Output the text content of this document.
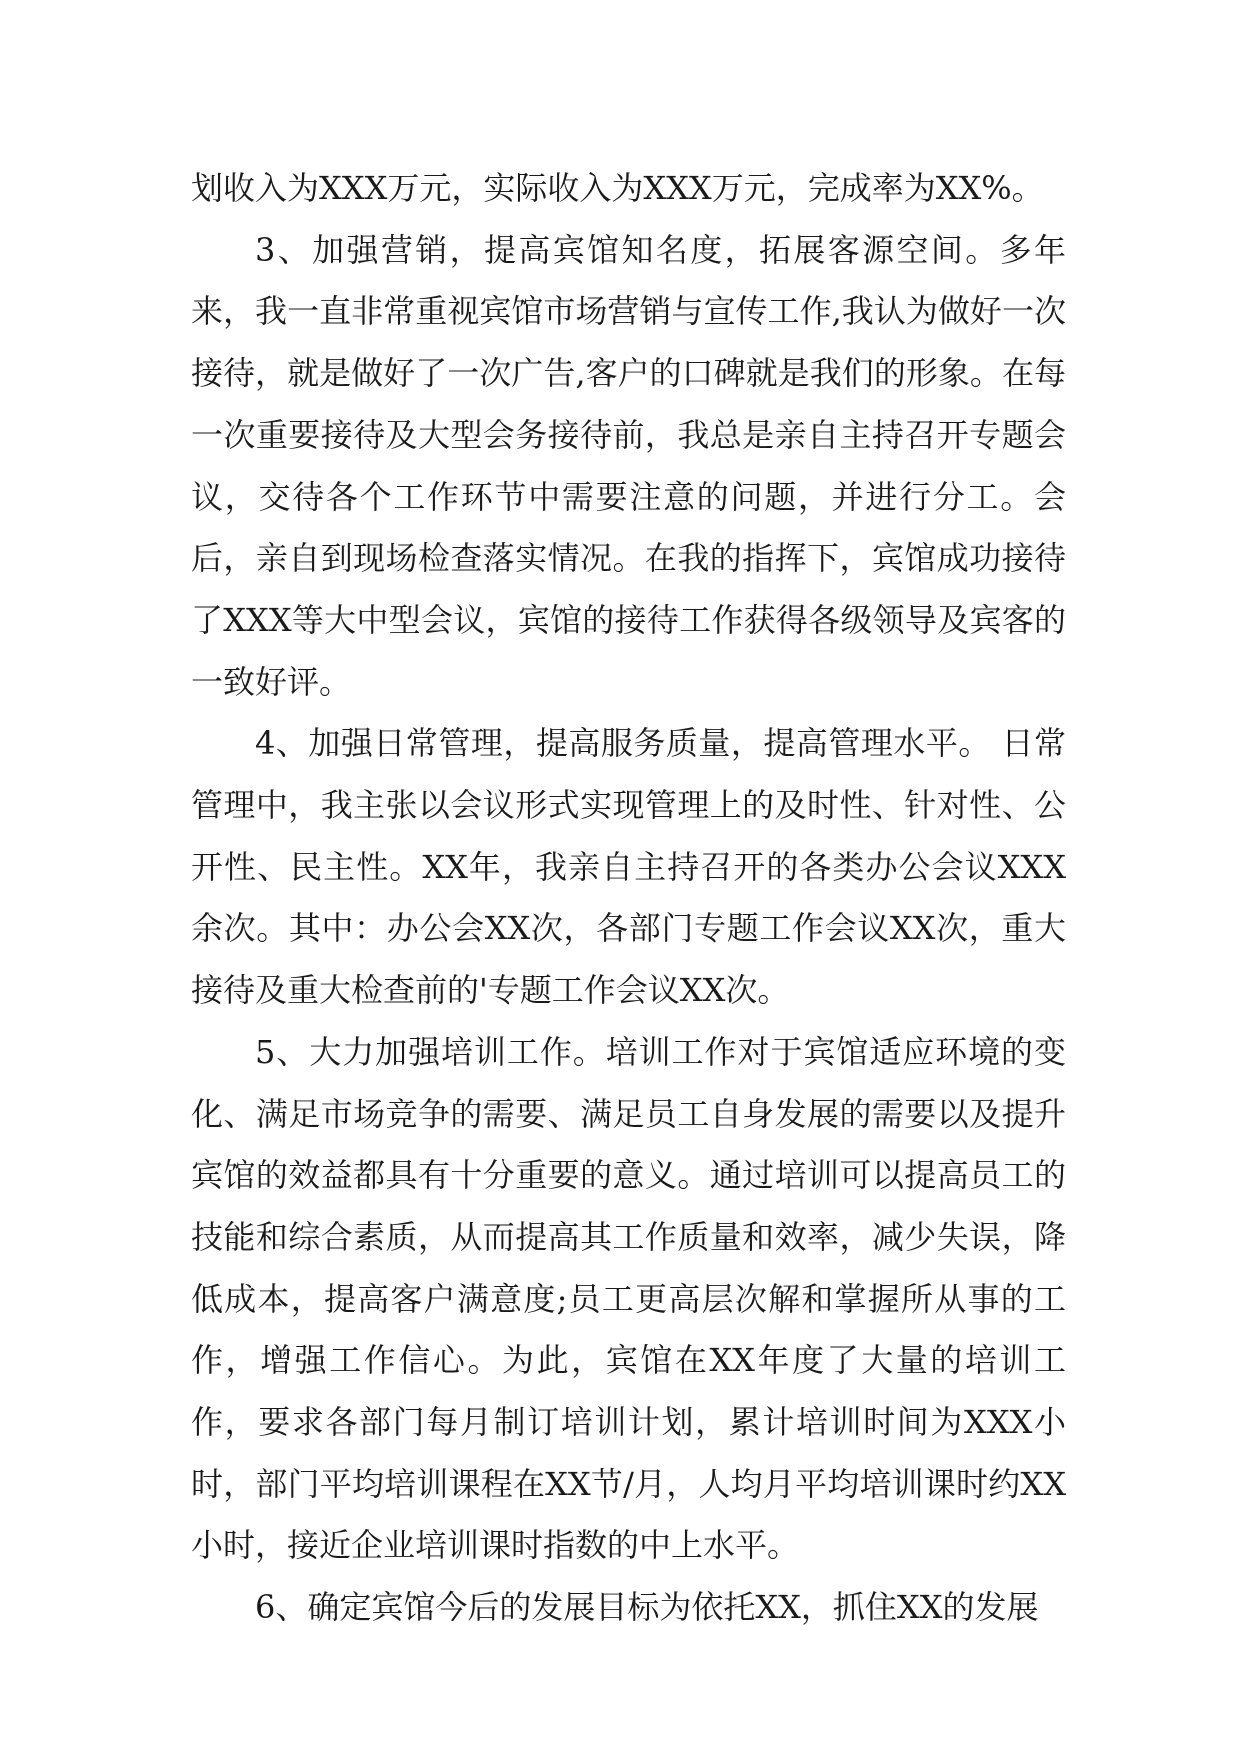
划收入为XXX万元，实际收入为XXX万元，完成率为XX%。

3、加强营销，提高宾馆知名度，拓展客源空间。多年来，我一直非常重视宾馆市场营销与宣传工作,我认为做好一次接待，就是做好了一次广告,客户的口碑就是我们的形象。在每一次重要接待及大型会务接待前，我总是亲自主持召开专题会议，交待各个工作环节中需要注意的问题，并进行分工。会后，亲自到现场检查落实情况。在我的指挥下，宾馆成功接待了XXX等大中型会议，宾馆的接待工作获得各级领导及宾客的一致好评。

4、加强日常管理，提高服务质量，提高管理水平。 日常管理中，我主张以会议形式实现管理上的及时性、针对性、公开性、民主性。XX年，我亲自主持召开的各类办公会议XXX余次。其中：办公会XX次，各部门专题工作会议XX次，重大接待及重大检查前的'专题工作会议XX次。

5、大力加强培训工作。培训工作对于宾馆适应环境的变化、满足市场竞争的需要、满足员工自身发展的需要以及提升宾馆的效益都具有十分重要的意义。通过培训可以提高员工的技能和综合素质，从而提高其工作质量和效率，减少失误，降低成本，提高客户满意度;员工更高层次解和掌握所从事的工作，增强工作信心。为此，宾馆在XX年度了大量的培训工作，要求各部门每月制订培训计划，累计培训时间为XXX小时，部门平均培训课程在XX节/月，人均月平均培训课时约XX小时，接近企业培训课时指数的中上水平。

6、确定宾馆今后的发展目标为依托XX，抓住XX的发展
